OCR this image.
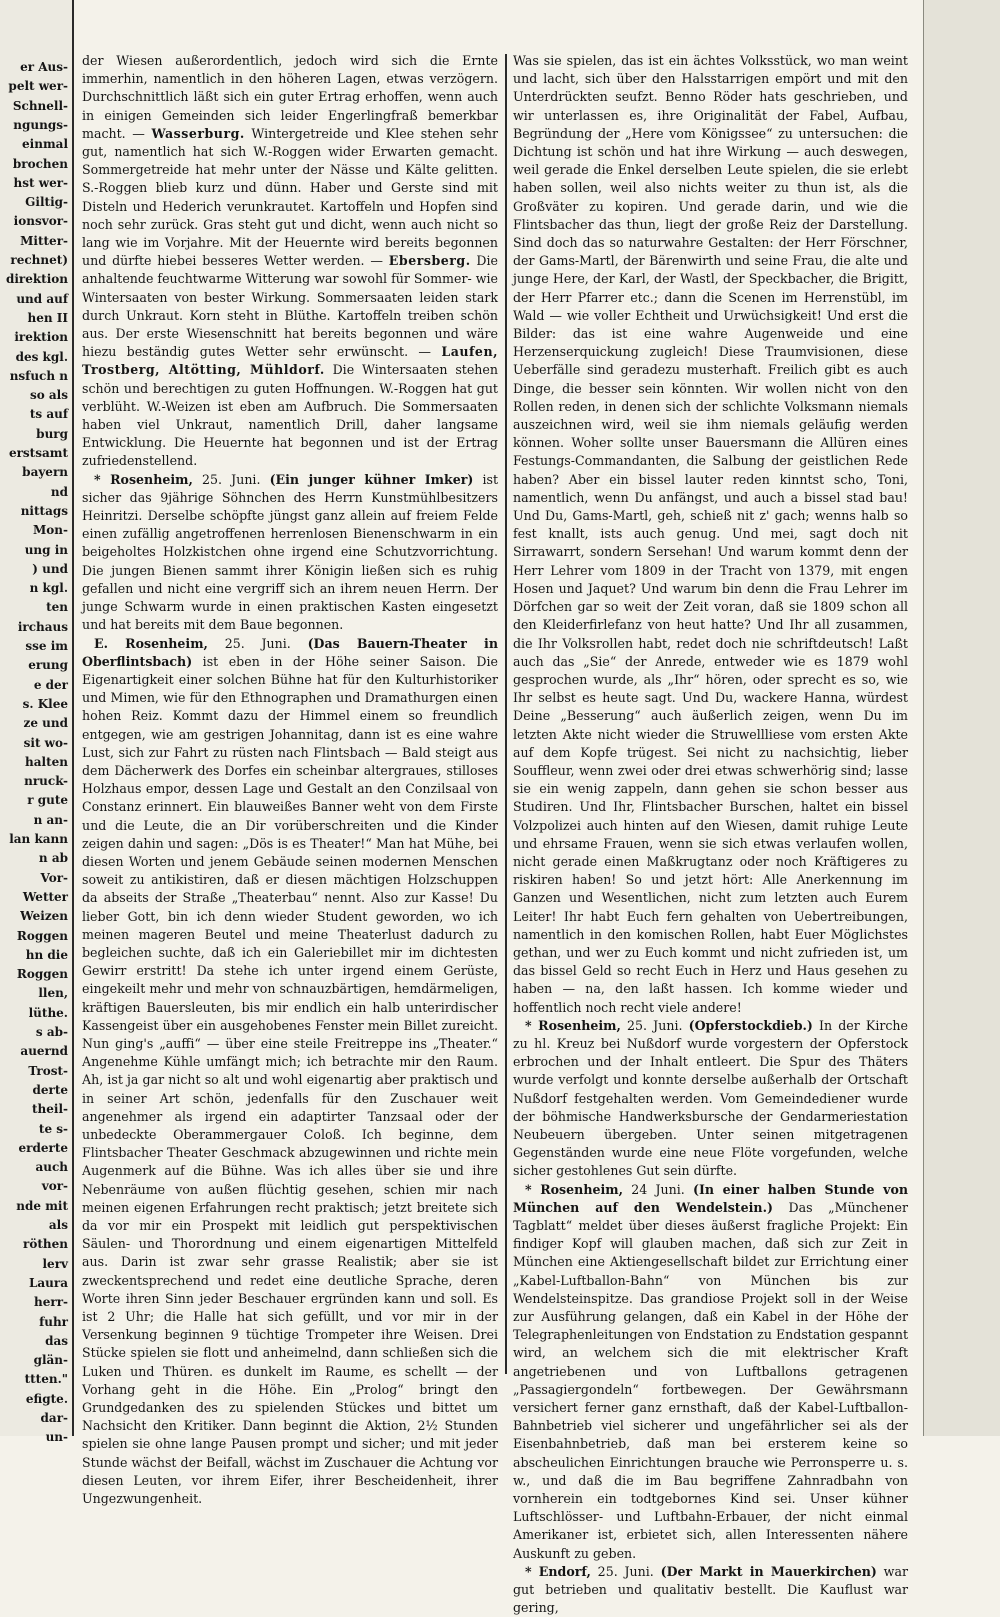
er Aus-
pelt wer-
Schnell-
ngungs-
einmal
brochen
hst wer-
Giltig-
ionsvor-
Mitter-
rechnet)
direktion
und auf
hen II
irektion
des kgl.
nsfuch n
so als
ts auf
burg
erstsamt
bayern
nd
nittags
Mon-
ung in
) und
n kgl.
ten
irchaus
sse im
erung
e der
s. Klee
ze und
sit wo-
halten
nruck-
r gute
n an-
lan kann
n ab
Vor-
Wetter
Weizen
Roggen
hn die
Roggen
llen,
lüthe.
s ab-
auernd
Trost-
derte
theil-
te s-
erderte
auch
vor-
nde mit
als
röthen
lerv
Laura
herr-
fuhr
das
glän-
ttten."
efigte.
dar-
un-

der Wiesen außerordentlich, jedoch wird sich die Ernte immerhin, namentlich in den höheren Lagen, etwas verzögern. Durchschnittlich läßt sich ein guter Ertrag erhoffen, wenn auch in einigen Gemeinden sich leider Engerlingfraß bemerkbar macht. — Wasserburg. Wintergetreide und Klee stehen sehr gut, namentlich hat sich W.-Roggen wider Erwarten gemacht. Sommergetreide hat mehr unter der Nässe und Kälte gelitten. S.-Roggen blieb kurz und dünn. Haber und Gerste sind mit Disteln und Hederich verunkrautet. Kartoffeln und Hopfen sind noch sehr zurück. Gras steht gut und dicht, wenn auch nicht so lang wie im Vorjahre. Mit der Heuernte wird bereits begonnen und dürfte hiebei besseres Wetter werden. — Ebersberg. Die anhaltende feuchtwarme Witterung war sowohl für Sommer- wie Wintersaaten von bester Wirkung. Sommersaaten leiden stark durch Unkraut. Korn steht in Blüthe. Kartoffeln treiben schön aus. Der erste Wiesenschnitt hat bereits begonnen und wäre hiezu beständig gutes Wetter sehr erwünscht. — Laufen, Trostberg, Altötting, Mühldorf. Die Wintersaaten stehen schön und berechtigen zu guten Hoffnungen. W.-Roggen hat gut verblüht. W.-Weizen ist eben am Aufbruch. Die Sommersaaten haben viel Unkraut, namentlich Drill, daher langsame Entwicklung. Die Heuernte hat begonnen und ist der Ertrag zufriedenstellend.

* Rosenheim, 25. Juni. (Ein junger kühner Imker) ist sicher das 9jährige Söhnchen des Herrn Kunstmühlbesitzers Heinritzi. Derselbe schöpfte jüngst ganz allein auf freiem Felde einen zufällig angetroffenen herrenlosen Bienenschwarm in ein beigeholtes Holzkistchen ohne irgend eine Schutzvorrichtung. Die jungen Bienen sammt ihrer Königin ließen sich es ruhig gefallen und nicht eine vergriff sich an ihrem neuen Herrn. Der junge Schwarm wurde in einen praktischen Kasten eingesetzt und hat bereits mit dem Baue begonnen.

E. Rosenheim, 25. Juni. (Das Bauern-Theater in Oberflintsbach) ist eben in der Höhe seiner Saison. Die Eigenartigkeit einer solchen Bühne hat für den Kulturhistoriker und Mimen, wie für den Ethnographen und Dramathurgen einen hohen Reiz. Kommt dazu der Himmel einem so freundlich entgegen, wie am gestrigen Johannitag, dann ist es eine wahre Lust, sich zur Fahrt zu rüsten nach Flintsbach — Bald steigt aus dem Dächerwerk des Dorfes ein scheinbar altergraues, stilloses Holzhaus empor, dessen Lage und Gestalt an den Conzilsaal von Constanz erinnert. Ein blauweißes Banner weht von dem Firste und die Leute, die an Dir vorüberschreiten und die Kinder zeigen dahin und sagen: „Dös is es Theater!“ Man hat Mühe, bei diesen Worten und jenem Gebäude seinen modernen Menschen soweit zu antikistiren, daß er diesen mächtigen Holzschuppen da abseits der Straße „Theaterbau“ nennt. Also zur Kasse! Du lieber Gott, bin ich denn wieder Student geworden, wo ich meinen mageren Beutel und meine Theaterlust dadurch zu begleichen suchte, daß ich ein Galeriebillet mir im dichtesten Gewirr erstritt! Da stehe ich unter irgend einem Gerüste, eingekeilt mehr und mehr von schnauzbärtigen, hemdärmeligen, kräftigen Bauersleuten, bis mir endlich ein halb unterirdischer Kassengeist über ein ausgehobenes Fenster mein Billet zureicht. Nun ging's „auffi“ — über eine steile Freitreppe ins „Theater.“ Angenehme Kühle umfängt mich; ich betrachte mir den Raum. Ah, ist ja gar nicht so alt und wohl eigenartig aber praktisch und in seiner Art schön, jedenfalls für den Zuschauer weit angenehmer als irgend ein adaptirter Tanzsaal oder der unbedeckte Oberammergauer Coloß. Ich beginne, dem Flintsbacher Theater Geschmack abzugewinnen und richte mein Augenmerk auf die Bühne. Was ich alles über sie und ihre Nebenräume von außen flüchtig gesehen, schien mir nach meinen eigenen Erfahrungen recht praktisch; jetzt breitete sich da vor mir ein Prospekt mit leidlich gut perspektivischen Säulen- und Thorordnung und einem eigenartigen Mittelfeld aus. Darin ist zwar sehr grasse Realistik; aber sie ist zweckentsprechend und redet eine deutliche Sprache, deren Worte ihren Sinn jeder Beschauer ergründen kann und soll. Es ist 2 Uhr; die Halle hat sich gefüllt, und vor mir in der Versenkung beginnen 9 tüchtige Trompeter ihre Weisen. Drei Stücke spielen sie flott und anheimelnd, dann schließen sich die Luken und Thüren. es dunkelt im Raume, es schellt — der Vorhang geht in die Höhe. Ein „Prolog“ bringt den Grundgedanken des zu spielenden Stückes und bittet um Nachsicht den Kritiker. Dann beginnt die Aktion, 2½ Stunden spielen sie ohne lange Pausen prompt und sicher; und mit jeder Stunde wächst der Beifall, wächst im Zuschauer die Achtung vor diesen Leuten, vor ihrem Eifer, ihrer Bescheidenheit, ihrer Ungezwungenheit.

Was sie spielen, das ist ein ächtes Volksstück, wo man weint und lacht, sich über den Halsstarrigen empört und mit den Unterdrückten seufzt. Benno Röder hats geschrieben, und wir unterlassen es, ihre Originalität der Fabel, Aufbau, Begründung der „Here vom Königssee“ zu untersuchen: die Dichtung ist schön und hat ihre Wirkung — auch deswegen, weil gerade die Enkel derselben Leute spielen, die sie erlebt haben sollen, weil also nichts weiter zu thun ist, als die Großväter zu kopiren. Und gerade darin, und wie die Flintsbacher das thun, liegt der große Reiz der Darstellung. Sind doch das so naturwahre Gestalten: der Herr Förschner, der Gams-Martl, der Bärenwirth und seine Frau, die alte und junge Here, der Karl, der Wastl, der Speckbacher, die Brigitt, der Herr Pfarrer etc.; dann die Scenen im Herrenstübl, im Wald — wie voller Echtheit und Urwüchsigkeit! Und erst die Bilder: das ist eine wahre Augenweide und eine Herzenserquickung zugleich! Diese Traumvisionen, diese Ueberfälle sind geradezu musterhaft. Freilich gibt es auch Dinge, die besser sein könnten. Wir wollen nicht von den Rollen reden, in denen sich der schlichte Volksmann niemals auszeichnen wird, weil sie ihm niemals geläufig werden können. Woher sollte unser Bauersmann die Allüren eines Festungs-Commandanten, die Salbung der geistlichen Rede haben? Aber ein bissel lauter reden kinntst scho, Toni, namentlich, wenn Du anfängst, und auch a bissel stad bau! Und Du, Gams-Martl, geh, schieß nit z' gach; wenns halb so fest knallt, ists auch genug. Und mei, sagt doch nit Sirrawarrt, sondern Sersehan! Und warum kommt denn der Herr Lehrer vom 1809 in der Tracht von 1379, mit engen Hosen und Jaquet? Und warum bin denn die Frau Lehrer im Dörfchen gar so weit der Zeit voran, daß sie 1809 schon all den Kleiderfirlefanz von heut hatte? Und Ihr all zusammen, die Ihr Volksrollen habt, redet doch nie schriftdeutsch! Laßt auch das „Sie“ der Anrede, entweder wie es 1879 wohl gesprochen wurde, als „Ihr“ hören, oder sprecht es so, wie Ihr selbst es heute sagt. Und Du, wackere Hanna, würdest Deine „Besserung“ auch äußerlich zeigen, wenn Du im letzten Akte nicht wieder die Struwellliese vom ersten Akte auf dem Kopfe trügest. Sei nicht zu nachsichtig, lieber Souffleur, wenn zwei oder drei etwas schwerhörig sind; lasse sie ein wenig zappeln, dann gehen sie schon besser aus Studiren. Und Ihr, Flintsbacher Burschen, haltet ein bissel Volzpolizei auch hinten auf den Wiesen, damit ruhige Leute und ehrsame Frauen, wenn sie sich etwas verlaufen wollen, nicht gerade einen Maßkrugtanz oder noch Kräftigeres zu riskiren haben! So und jetzt hört: Alle Anerkennung im Ganzen und Wesentlichen, nicht zum letzten auch Eurem Leiter! Ihr habt Euch fern gehalten von Uebertreibungen, namentlich in den komischen Rollen, habt Euer Möglichstes gethan, und wer zu Euch kommt und nicht zufrieden ist, um das bissel Geld so recht Euch in Herz und Haus gesehen zu haben — na, den laßt hassen. Ich komme wieder und hoffentlich noch recht viele andere!

* Rosenheim, 25. Juni. (Opferstockdieb.) In der Kirche zu hl. Kreuz bei Nußdorf wurde vorgestern der Opferstock erbrochen und der Inhalt entleert. Die Spur des Thäters wurde verfolgt und konnte derselbe außerhalb der Ortschaft Nußdorf festgehalten werden. Vom Gemeindediener wurde der böhmische Handwerksbursche der Gendarmeriestation Neubeuern übergeben. Unter seinen mitgetragenen Gegenständen wurde eine neue Flöte vorgefunden, welche sicher gestohlenes Gut sein dürfte.

* Rosenheim, 24 Juni. (In einer halben Stunde von München auf den Wendelstein.) Das „Münchener Tagblatt“ meldet über dieses äußerst fragliche Projekt: Ein findiger Kopf will glauben machen, daß sich zur Zeit in München eine Aktiengesellschaft bildet zur Errichtung einer „Kabel-Luftballon-Bahn“ von München bis zur Wendelsteinspitze. Das grandiose Projekt soll in der Weise zur Ausführung gelangen, daß ein Kabel in der Höhe der Telegraphenleitungen von Endstation zu Endstation gespannt wird, an welchem sich die mit elektrischer Kraft angetriebenen und von Luftballons getragenen „Passagiergondeln“ fortbewegen. Der Gewährsmann versichert ferner ganz ernsthaft, daß der Kabel-Luftballon-Bahnbetrieb viel sicherer und ungefährlicher sei als der Eisenbahnbetrieb, daß man bei ersterem keine so abscheulichen Einrichtungen brauche wie Perronsperre u. s. w., und daß die im Bau begriffene Zahnradbahn von vornherein ein todtgebornes Kind sei. Unser kühner Luftschlösser- und Luftbahn-Erbauer, der nicht einmal Amerikaner ist, erbietet sich, allen Interessenten nähere Auskunft zu geben.

* Endorf, 25. Juni. (Der Markt in Mauerkirchen) war gut betrieben und qualitativ bestellt. Die Kauflust war gering,
